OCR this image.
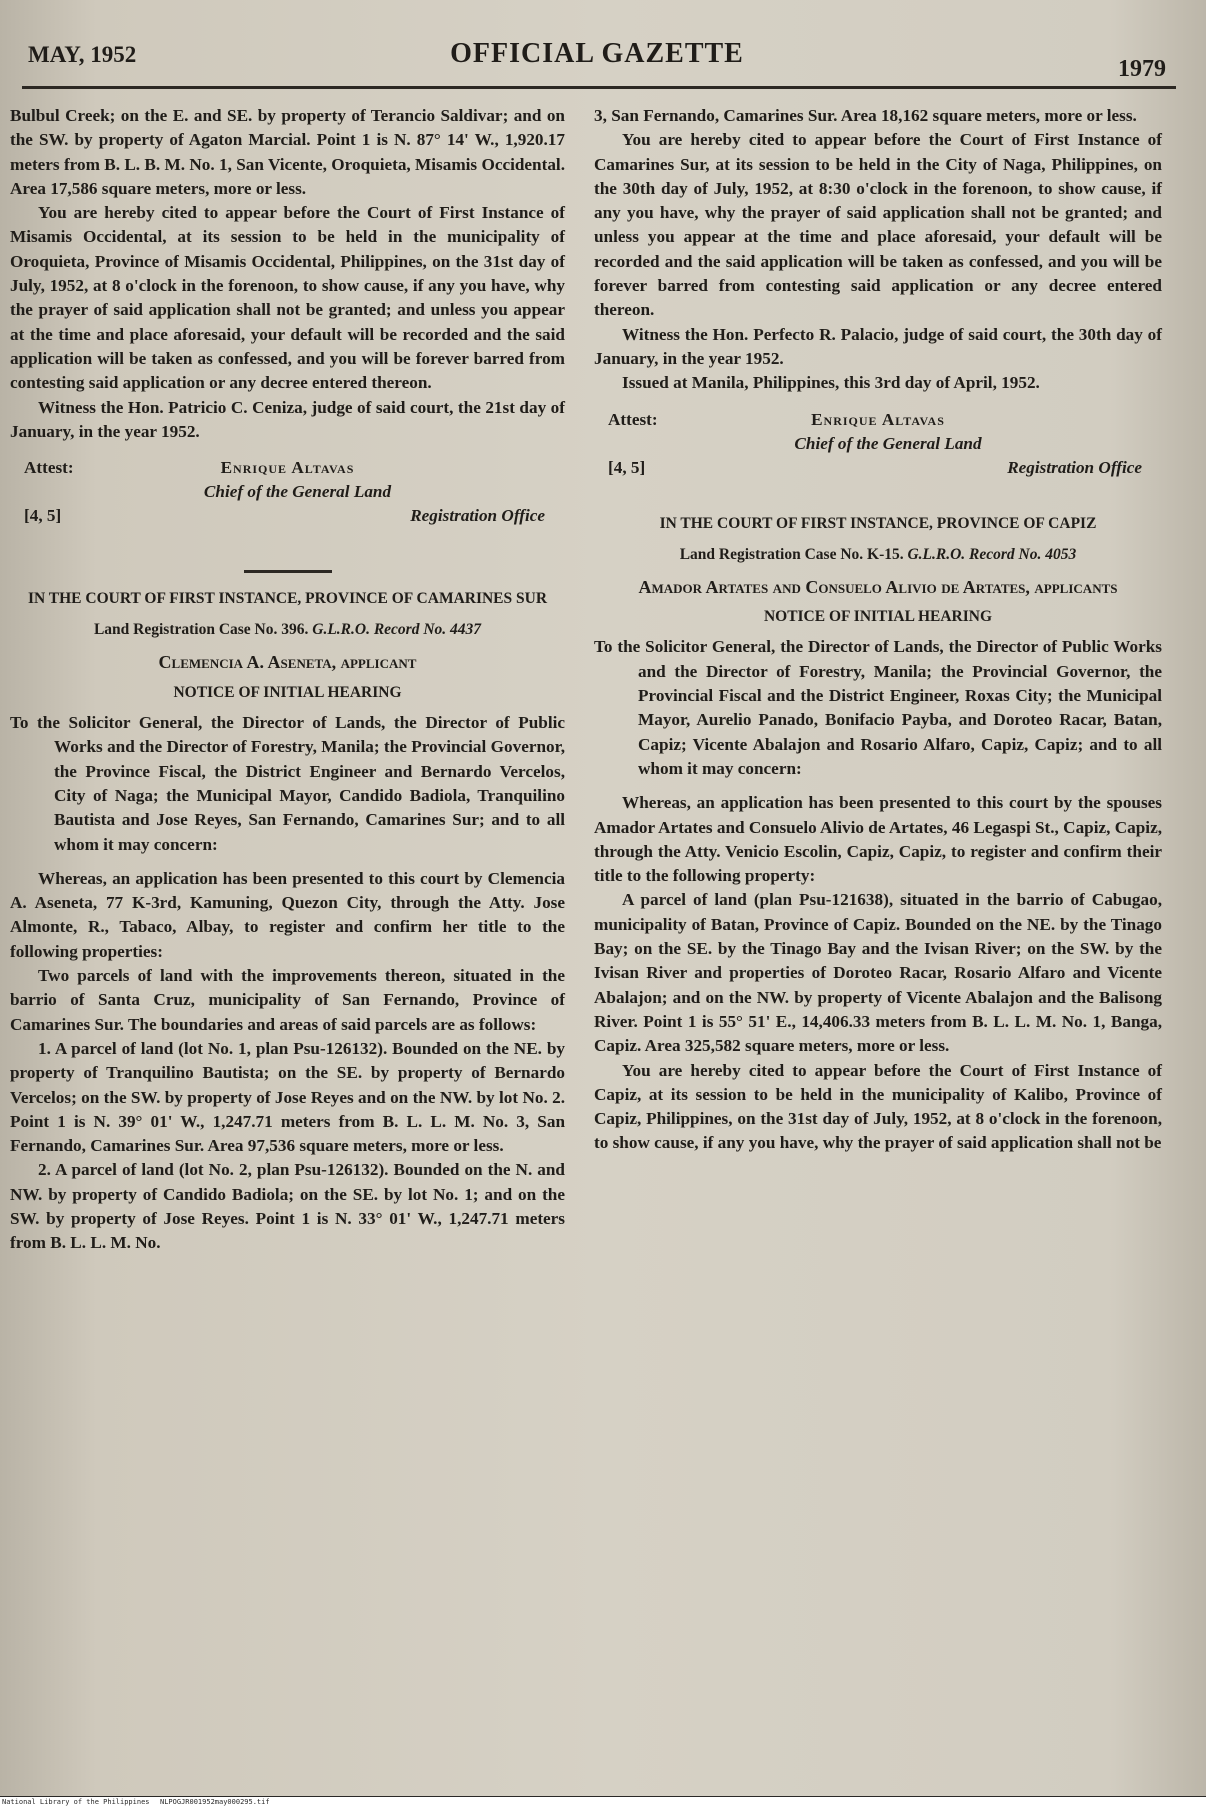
MAY, 1952	OFFICIAL GAZETTE	1979

Bulbul Creek; on the E. and SE. by property of Terancio Saldivar; and on the SW. by property of Agaton Marcial. Point 1 is N. 87° 14' W., 1,920.17 meters from B. L. B. M. No. 1, San Vicente, Oroquieta, Misamis Occidental. Area 17,586 square meters, more or less.

You are hereby cited to appear before the Court of First Instance of Misamis Occidental, at its session to be held in the municipality of Oroquieta, Province of Misamis Occidental, Philippines, on the 31st day of July, 1952, at 8 o'clock in the forenoon, to show cause, if any you have, why the prayer of said application shall not be granted; and unless you appear at the time and place aforesaid, your default will be recorded and the said application will be taken as confessed, and you will be forever barred from contesting said application or any decree entered thereon.

Witness the Hon. Patricio C. Ceniza, judge of said court, the 21st day of January, in the year 1952.

Attest:	Enrique Altavas
Chief of the General Land
[4, 5]	Registration Office
IN THE COURT OF FIRST INSTANCE, PROVINCE OF CAMARINES SUR
Land Registration Case No. 396. G.L.R.O. Record No. 4437
Clemencia A. Aseneta, applicant
NOTICE OF INITIAL HEARING

To the Solicitor General, the Director of Lands, the Director of Public Works and the Director of Forestry, Manila; the Provincial Governor, the Province Fiscal, the District Engineer and Bernardo Vercelos, City of Naga; the Municipal Mayor, Candido Badiola, Tranquilino Bautista and Jose Reyes, San Fernando, Camarines Sur; and to all whom it may concern:

Whereas, an application has been presented to this court by Clemencia A. Aseneta, 77 K-3rd, Kamuning, Quezon City, through the Atty. Jose Almonte, R., Tabaco, Albay, to register and confirm her title to the following properties:

Two parcels of land with the improvements thereon, situated in the barrio of Santa Cruz, municipality of San Fernando, Province of Camarines Sur. The boundaries and areas of said parcels are as follows:

1. A parcel of land (lot No. 1, plan Psu-126132). Bounded on the NE. by property of Tranquilino Bautista; on the SE. by property of Bernardo Vercelos; on the SW. by property of Jose Reyes and on the NW. by lot No. 2. Point 1 is N. 39° 01' W., 1,247.71 meters from B. L. L. M. No. 3, San Fernando, Camarines Sur. Area 97,536 square meters, more or less.

2. A parcel of land (lot No. 2, plan Psu-126132). Bounded on the N. and NW. by property of Candido Badiola; on the SE. by lot No. 1; and on the SW. by property of Jose Reyes. Point 1 is N. 33° 01' W., 1,247.71 meters from B. L. L. M. No.

3, San Fernando, Camarines Sur. Area 18,162 square meters, more or less.

You are hereby cited to appear before the Court of First Instance of Camarines Sur, at its session to be held in the City of Naga, Philippines, on the 30th day of July, 1952, at 8:30 o'clock in the forenoon, to show cause, if any you have, why the prayer of said application shall not be granted; and unless you appear at the time and place aforesaid, your default will be recorded and the said application will be taken as confessed, and you will be forever barred from contesting said application or any decree entered thereon.

Witness the Hon. Perfecto R. Palacio, judge of said court, the 30th day of January, in the year 1952.

Issued at Manila, Philippines, this 3rd day of April, 1952.

Attest:	Enrique Altavas
Chief of the General Land
[4, 5]	Registration Office
IN THE COURT OF FIRST INSTANCE, PROVINCE OF CAPIZ
Land Registration Case No. K-15. G.L.R.O. Record No. 4053
Amador Artates and Consuelo Alivio de Artates, applicants
NOTICE OF INITIAL HEARING

To the Solicitor General, the Director of Lands, the Director of Public Works and the Director of Forestry, Manila; the Provincial Governor, the Provincial Fiscal and the District Engineer, Roxas City; the Municipal Mayor, Aurelio Panado, Bonifacio Payba, and Doroteo Racar, Batan, Capiz; Vicente Abalajon and Rosario Alfaro, Capiz, Capiz; and to all whom it may concern:

Whereas, an application has been presented to this court by the spouses Amador Artates and Consuelo Alivio de Artates, 46 Legaspi St., Capiz, Capiz, through the Atty. Venicio Escolin, Capiz, Capiz, to register and confirm their title to the following property:

A parcel of land (plan Psu-121638), situated in the barrio of Cabugao, municipality of Batan, Province of Capiz. Bounded on the NE. by the Tinago Bay; on the SE. by the Tinago Bay and the Ivisan River; on the SW. by the Ivisan River and properties of Doroteo Racar, Rosario Alfaro and Vicente Abalajon; and on the NW. by property of Vicente Abalajon and the Balisong River. Point 1 is 55° 51' E., 14,406.33 meters from B. L. L. M. No. 1, Banga, Capiz. Area 325,582 square meters, more or less.

You are hereby cited to appear before the Court of First Instance of Capiz, at its session to be held in the municipality of Kalibo, Province of Capiz, Philippines, on the 31st day of July, 1952, at 8 o'clock in the forenoon, to show cause, if any you have, why the prayer of said application shall not be

National Library of the Philippines NLPOGJR001952may000295.tif
